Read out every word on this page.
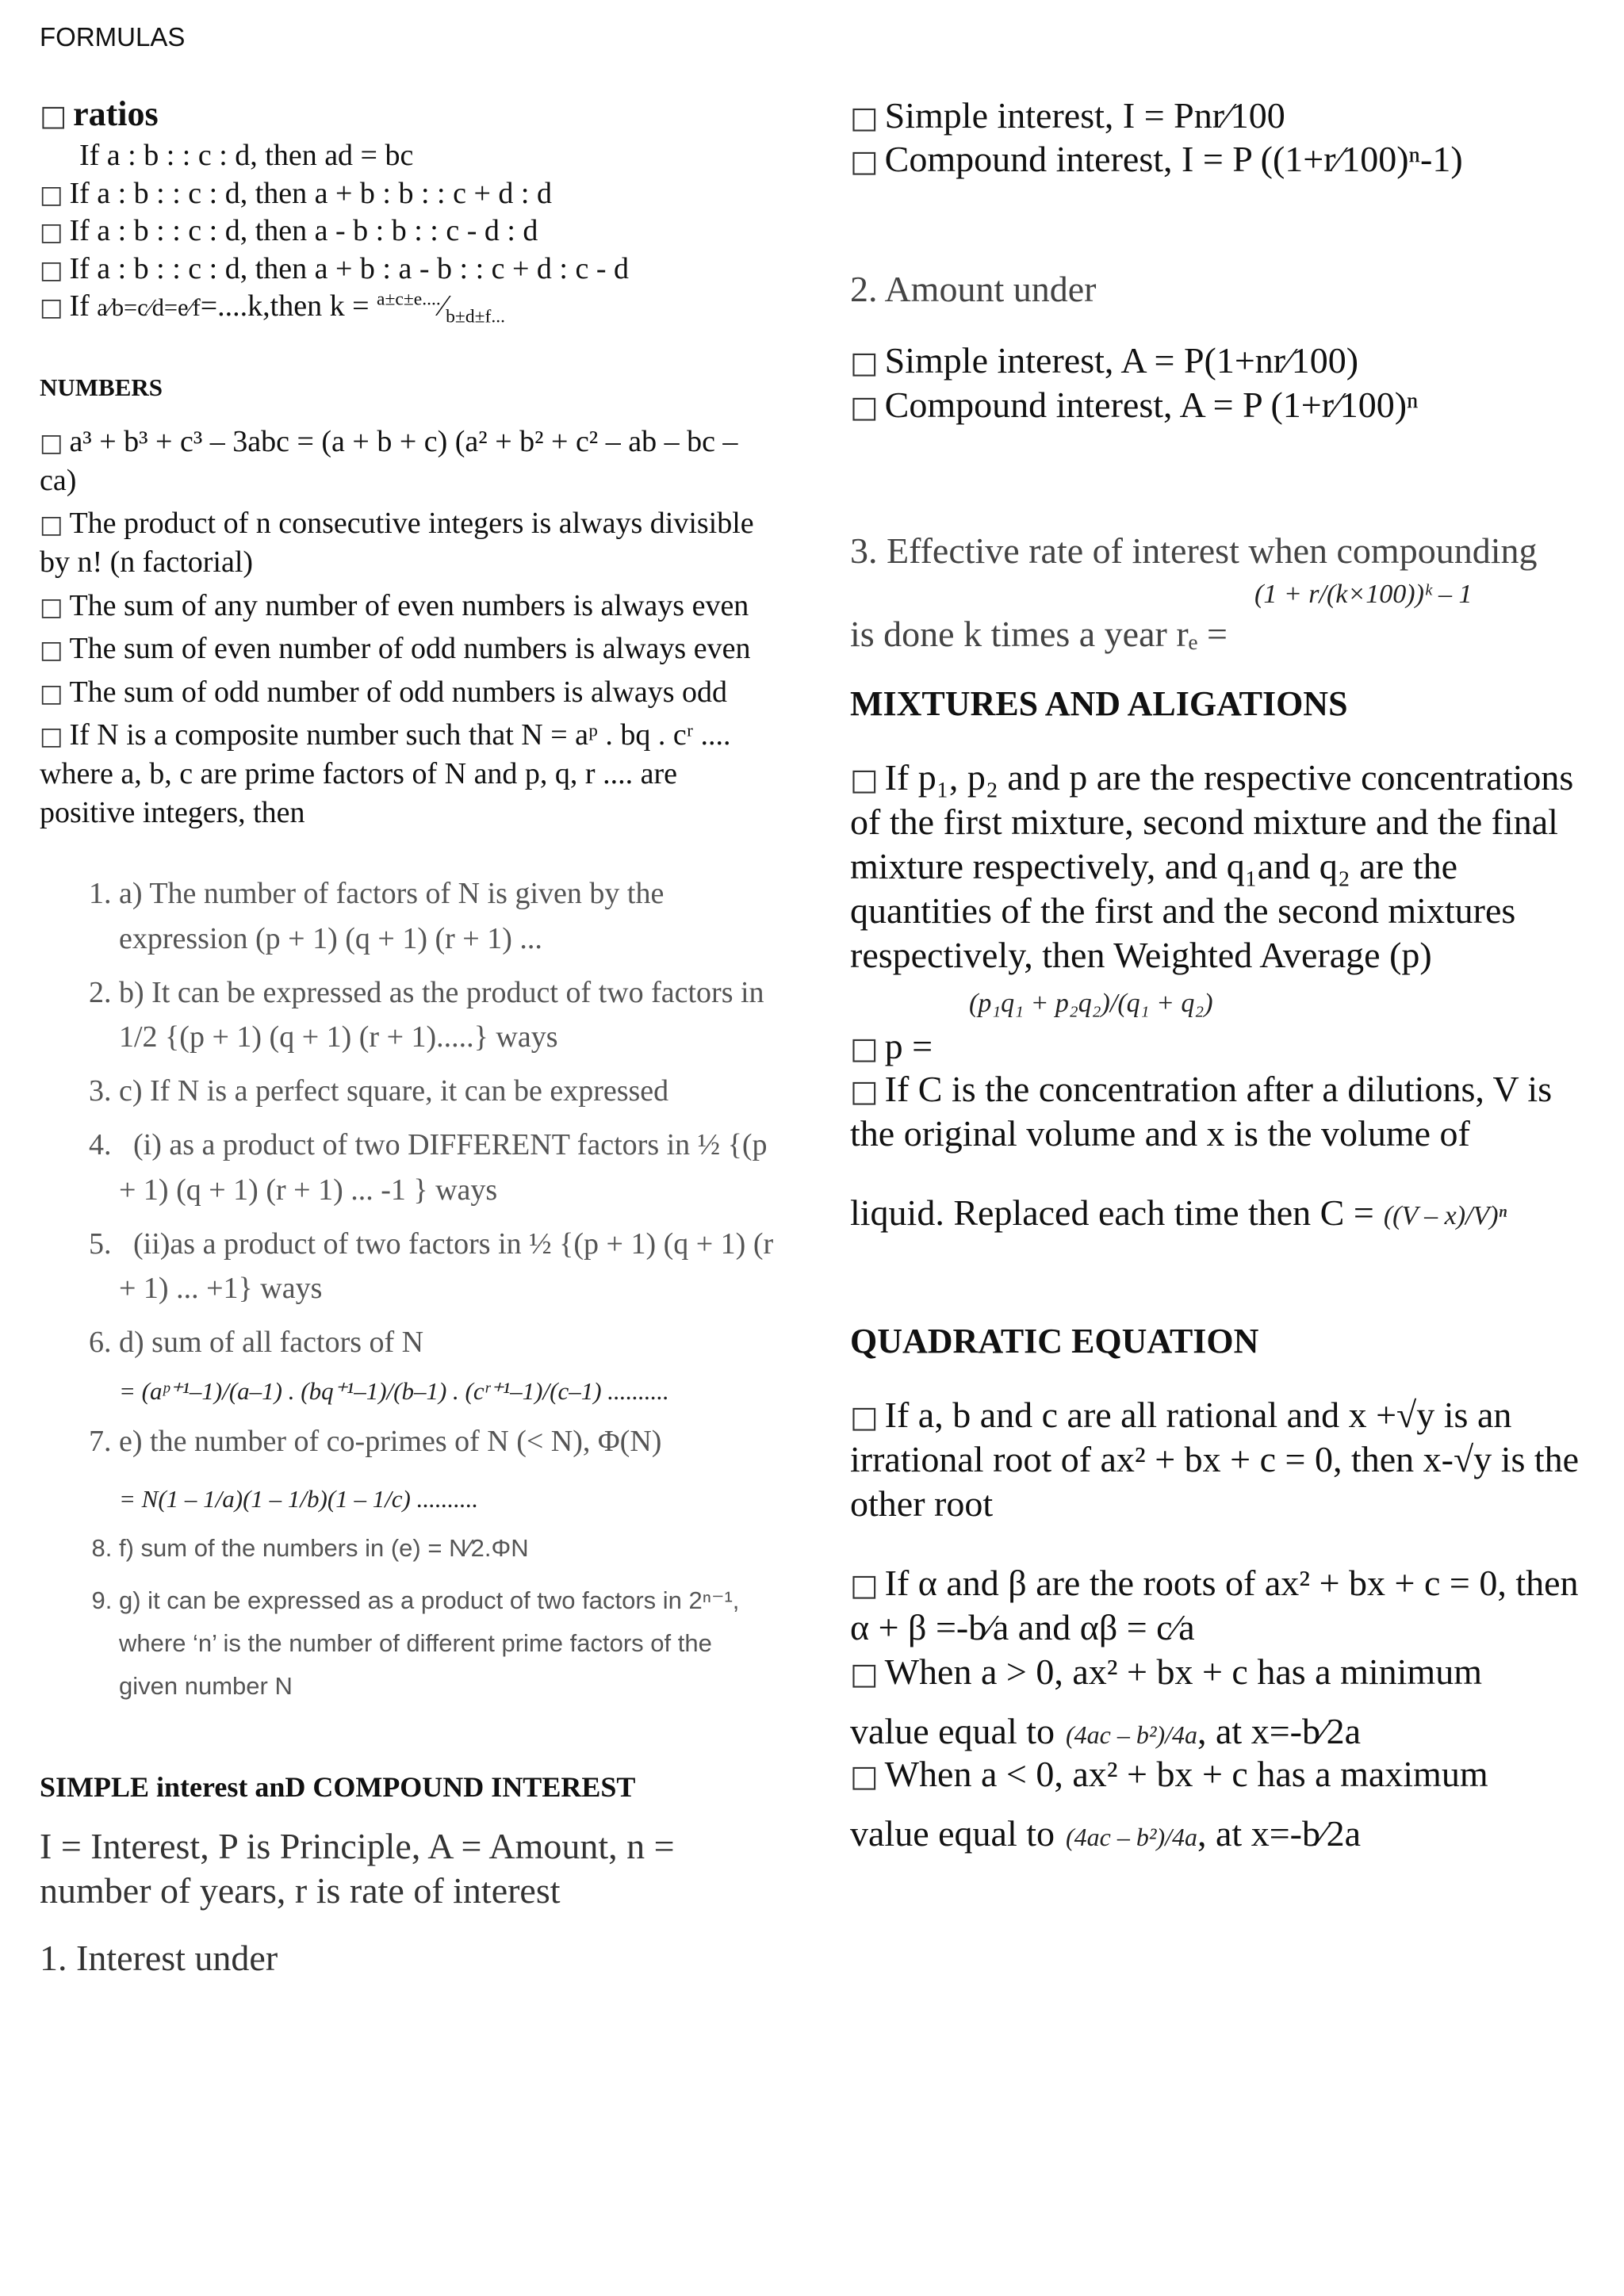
FORMULAS
□ ratios
If a : b : : c : d, then ad = bc
□ If a : b : : c : d, then a + b : b : : c + d : d
□ If a : b : : c : d, then a - b : b : : c - d : d
□ If a : b : : c : d, then a + b : a - b : : c + d : c - d
□ If a⁄b=c⁄d=e⁄f=....k,then $k = ^{a\pm c\pm e....}⁄_{b\pm d\pm f...}$
NUMBERS
□ a³ + b³ + c³ – 3abc = (a + b + c) (a² + b² + c² – ab – bc – ca)
□ The product of n consecutive integers is always divisible by n! (n factorial)
□ The sum of any number of even numbers is always even
□ The sum of even number of odd numbers is always even
□ The sum of odd number of odd numbers is always odd
□ If N is a composite number such that N = aᵖ . bq . cʳ .... where a, b, c are prime factors of N and p, q, r .... are positive integers, then
1. a) The number of factors of N is given by the expression (p + 1) (q + 1) (r + 1) ...
2. b) It can be expressed as the product of two factors in 1/2 {(p + 1) (q + 1) (r + 1).....} ways
3. c) If N is a perfect square, it can be expressed
4. (i) as a product of two DIFFERENT factors in ½ {(p + 1) (q + 1) (r + 1) ... -1 } ways
5. (ii)as a product of two factors in ½ {(p + 1) (q + 1) (r + 1) ... +1} ways
6. d) sum of all factors of N
= (aᵖ⁺¹–1)/(a–1) . (bq⁺¹–1)/(b–1) . (cʳ⁺¹–1)/(c–1) ..........
7. e) the number of co-primes of N (< N), Φ(N)
= N(1 – 1/a)(1 – 1/b)(1 – 1/c) ..........
8. f) sum of the numbers in (e) = N⁄2.ΦN
9. g) it can be expressed as a product of two factors in 2ⁿ⁻¹, where ‘n’ is the number of different prime factors of the given number N
SIMPLE interest anD COMPOUND INTEREST
I = Interest, P is Principle, A = Amount, n = number of years, r is rate of interest
1. Interest under
□ Simple interest, I = Pnr⁄100
□ Compound interest, I = P ((1+r⁄100)ⁿ-1)
2. Amount under
□ Simple interest, A = P(1+nr⁄100)
□ Compound interest, A = P (1+r⁄100)ⁿ
3. Effective rate of interest when compounding
(1 + r/(k×100))ᵏ – 1
is done k times a year rₑ =
MIXTURES AND ALIGATIONS
□ If p₁, p₂ and p are the respective concentrations of the first mixture, second mixture and the final mixture respectively, and q₁and q₂ are the quantities of the first and the second mixtures respectively, then Weighted Average (p)
(p₁q₁ + p₂q₂)/(q₁ + q₂)
□ p =
□ If C is the concentration after a dilutions, V is the original volume and x is the volume of
liquid. Replaced each time then C = ((V – x)/V)ⁿ
QUADRATIC EQUATION
□ If a, b and c are all rational and x +√y is an irrational root of ax² + bx + c = 0, then x-√y is the other root
□ If α and β are the roots of ax² + bx + c = 0, then α + β =-b⁄a and αβ = c⁄a
□ When a > 0, ax² + bx + c has a minimum
value equal to (4ac – b²)/4a, at x=-b⁄2a
□ When a < 0, ax² + bx + c has a maximum
value equal to (4ac – b²)/4a, at x=-b⁄2a
